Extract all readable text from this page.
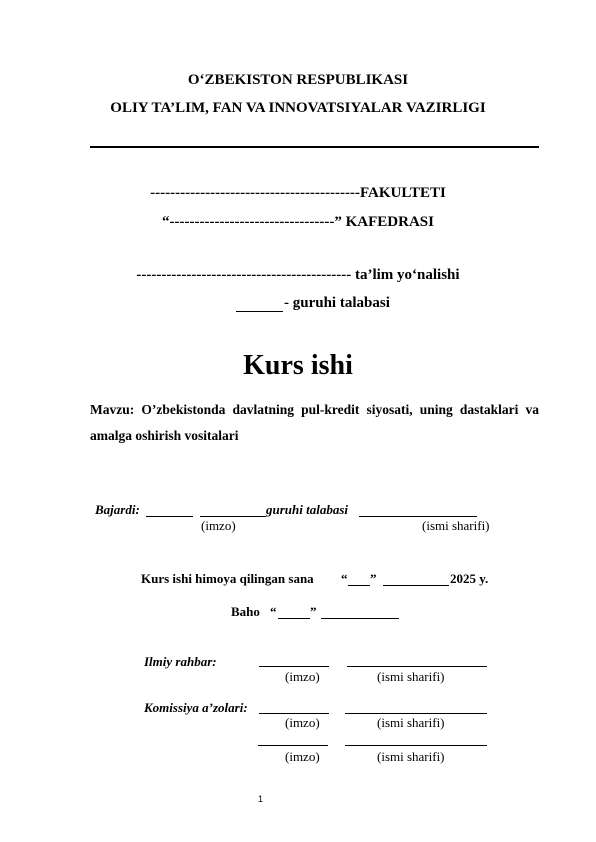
O‘ZBEKISTON RESPUBLIKASI
OLIY TA’LIM, FAN VA INNOVATSIYALAR VAZIRLIGI
------------------------------------------FAKULTETI
“---------------------------------” KAFEDRASI
------------------------------------------- ta’lim yo‘nalishi
- guruhi talabasi
Kurs ishi
Mavzu: O’zbekistonda davlatning pul-kredit siyosati, uning dastaklari va
amalga oshirish vositalari
Bajardi:	guruhi talabasi
(imzo)	(ismi sharifi)
Kurs ishi himoya qilingan sana “ ”	2025 y.
Baho “	”
Ilmiy rahbar:
(imzo)	(ismi sharifi)
Komissiya a’zolari:
(imzo)	(ismi sharifi)
(imzo)	(ismi sharifi)
1
